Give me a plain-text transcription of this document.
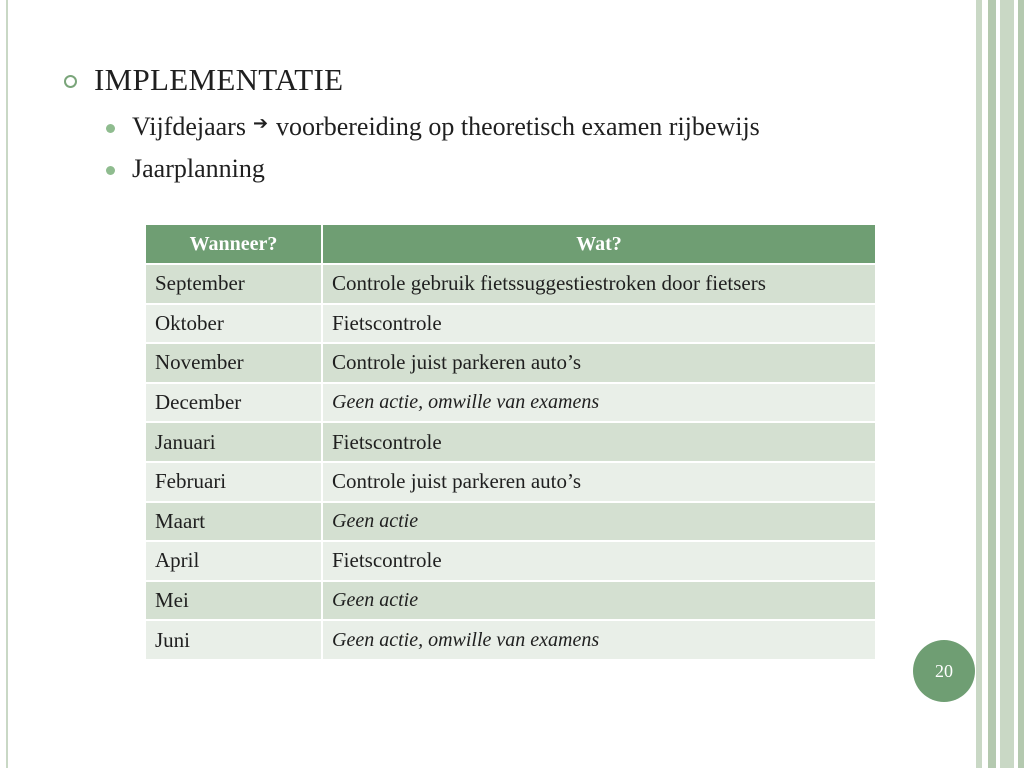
IMPLEMENTATIE
Vijfdejaars ➔ voorbereiding op theoretisch examen rijbewijs
Jaarplanning
Wanneer?	Wat?
September	Controle gebruik fietssuggestiestroken door fietsers
Oktober	Fietscontrole
November	Controle juist parkeren auto’s
December	Geen actie, omwille van examens
Januari	Fietscontrole
Februari	Controle juist parkeren auto’s
Maart	Geen actie
April	Fietscontrole
Mei	Geen actie
Juni	Geen actie, omwille van examens
20
